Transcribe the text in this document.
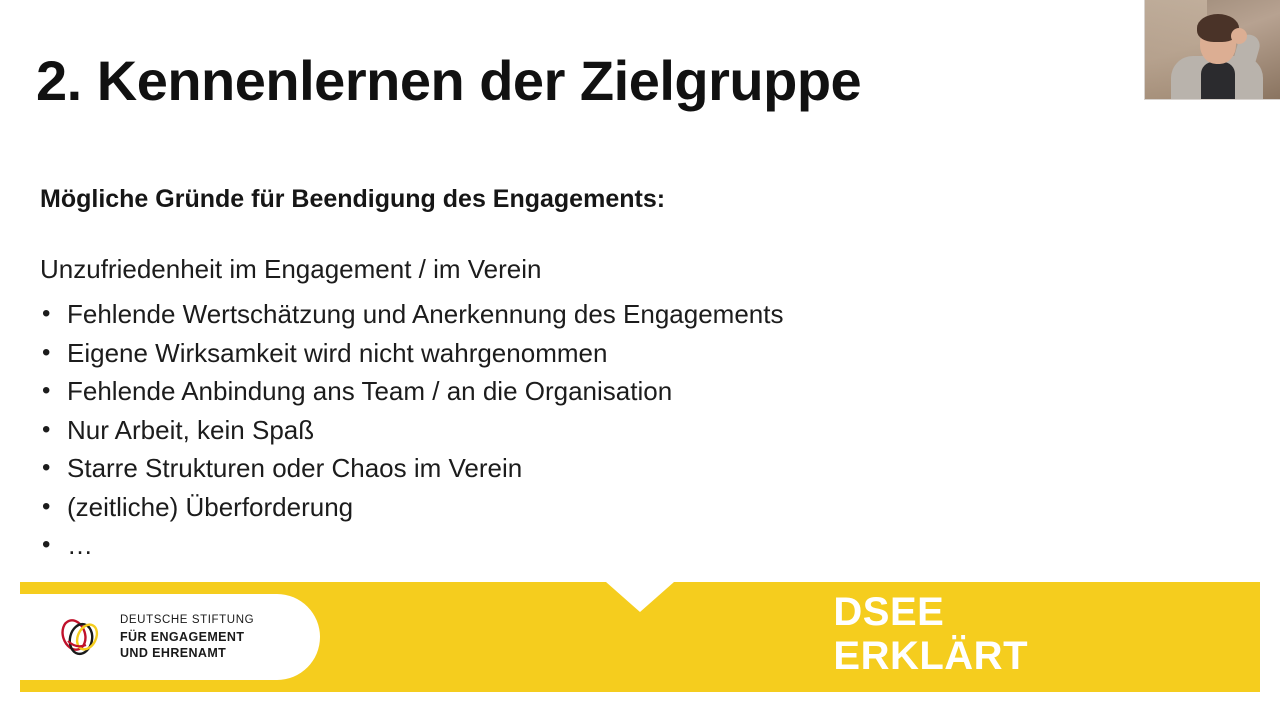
2. Kennenlernen der Zielgruppe
Mögliche Gründe für Beendigung des Engagements:
Unzufriedenheit im Engagement / im Verein
• Fehlende Wertschätzung und Anerkennung des Engagements
• Eigene Wirksamkeit wird nicht wahrgenommen
• Fehlende Anbindung ans Team / an die Organisation
• Nur Arbeit, kein Spaß
• Starre Strukturen oder Chaos im Verein
• (zeitliche) Überforderung
• …
DEUTSCHE STIFTUNG
FÜR ENGAGEMENT
UND EHRENAMT
DSEE
ERKLÄRT
